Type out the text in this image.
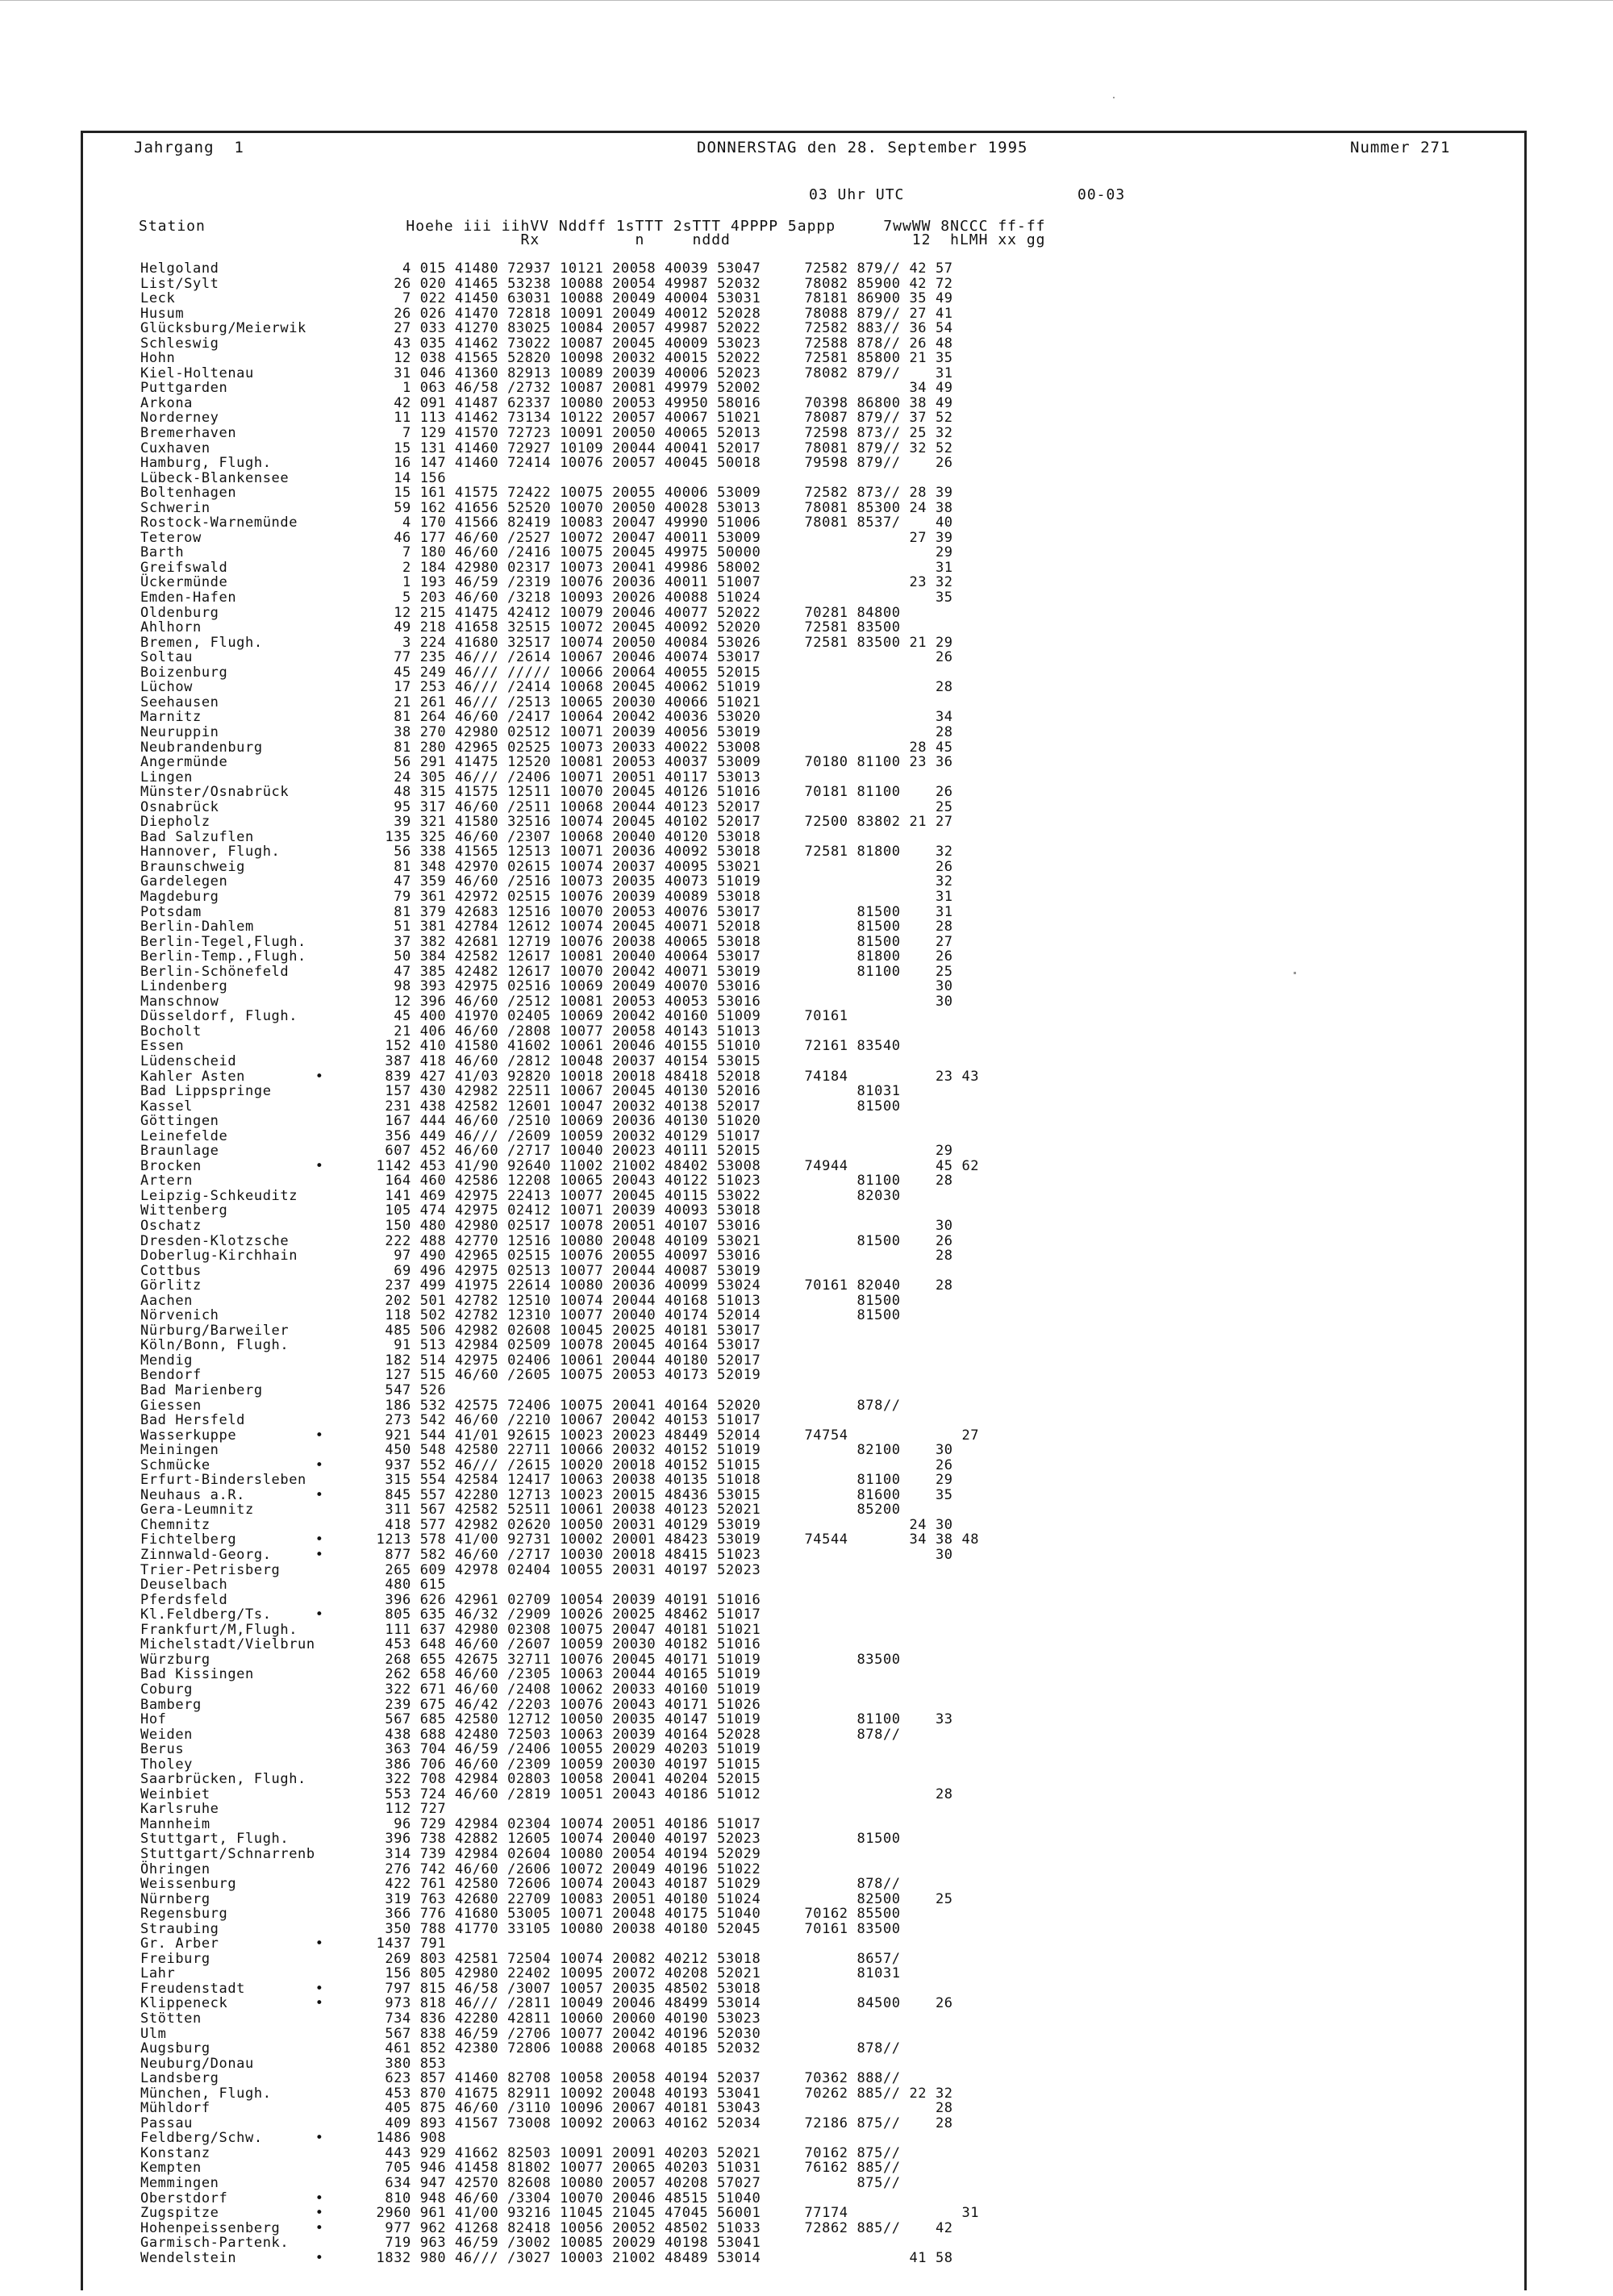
Jahrgang  1	DONNERSTAG den 28. September 1995	Nummer 271
03 Uhr UTC	00-03
Station                     Hoehe iii iihVV Nddff 1sTTT 2sTTT 4PPPP 5appp     7wwWW 8NCCC ff-ff
Rx          n     nddd                   12  hLMH xx gg
Helgoland                     4 015 41480 72937 10121 20058 40039 53047     72582 879// 42 57
List/Sylt                    26 020 41465 53238 10088 20054 49987 52032     78082 85900 42 72
Leck                          7 022 41450 63031 10088 20049 40004 53031     78181 86900 35 49
Husum                        26 026 41470 72818 10091 20049 40012 52028     78088 879// 27 41
Glücksburg/Meierwik          27 033 41270 83025 10084 20057 49987 52022     72582 883// 36 54
Schleswig                    43 035 41462 73022 10087 20045 40009 53023     72588 878// 26 48
Hohn                         12 038 41565 52820 10098 20032 40015 52022     72581 85800 21 35
Kiel-Holtenau                31 046 41360 82913 10089 20039 40006 52023     78082 879//    31
Puttgarden                    1 063 46/58 /2732 10087 20081 49979 52002                 34 49
Arkona                       42 091 41487 62337 10080 20053 49950 58016     70398 86800 38 49
Norderney                    11 113 41462 73134 10122 20057 40067 51021     78087 879// 37 52
Bremerhaven                   7 129 41570 72723 10091 20050 40065 52013     72598 873// 25 32
Cuxhaven                     15 131 41460 72927 10109 20044 40041 52017     78081 879// 32 52
Hamburg, Flugh.              16 147 41460 72414 10076 20057 40045 50018     79598 879//    26
Lübeck-Blankensee            14 156
Boltenhagen                  15 161 41575 72422 10075 20055 40006 53009     72582 873// 28 39
Schwerin                     59 162 41656 52520 10070 20050 40028 53013     78081 85300 24 38
Rostock-Warnemünde            4 170 41566 82419 10083 20047 49990 51006     78081 8537/    40
Teterow                      46 177 46/60 /2527 10072 20047 40011 53009                 27 39
Barth                         7 180 46/60 /2416 10075 20045 49975 50000                    29
Greifswald                    2 184 42980 02317 10073 20041 49986 58002                    31
Ückermünde                    1 193 46/59 /2319 10076 20036 40011 51007                 23 32
Emden-Hafen                   5 203 46/60 /3218 10093 20026 40088 51024                    35
Oldenburg                    12 215 41475 42412 10079 20046 40077 52022     70281 84800
Ahlhorn                      49 218 41658 32515 10072 20045 40092 52020     72581 83500
Bremen, Flugh.                3 224 41680 32517 10074 20050 40084 53026     72581 83500 21 29
Soltau                       77 235 46/// /2614 10067 20046 40074 53017                    26
Boizenburg                   45 249 46/// ///// 10066 20064 40055 52015
Lüchow                       17 253 46/// /2414 10068 20045 40062 51019                    28
Seehausen                    21 261 46/// /2513 10065 20030 40066 51021
Marnitz                      81 264 46/60 /2417 10064 20042 40036 53020                    34
Neuruppin                    38 270 42980 02512 10071 20039 40056 53019                    28
Neubrandenburg               81 280 42965 02525 10073 20033 40022 53008                 28 45
Angermünde                   56 291 41475 12520 10081 20053 40037 53009     70180 81100 23 36
Lingen                       24 305 46/// /2406 10071 20051 40117 53013
Münster/Osnabrück            48 315 41575 12511 10070 20045 40126 51016     70181 81100    26
Osnabrück                    95 317 46/60 /2511 10068 20044 40123 52017                    25
Diepholz                     39 321 41580 32516 10074 20045 40102 52017     72500 83802 21 27
Bad Salzuflen               135 325 46/60 /2307 10068 20040 40120 53018
Hannover, Flugh.             56 338 41565 12513 10071 20036 40092 53018     72581 81800    32
Braunschweig                 81 348 42970 02615 10074 20037 40095 53021                    26
Gardelegen                   47 359 46/60 /2516 10073 20035 40073 51019                    32
Magdeburg                    79 361 42972 02515 10076 20039 40089 53018                    31
Potsdam                      81 379 42683 12516 10070 20053 40076 53017           81500    31
Berlin-Dahlem                51 381 42784 12612 10074 20045 40071 52018           81500    28
Berlin-Tegel,Flugh.          37 382 42681 12719 10076 20038 40065 53018           81500    27
Berlin-Temp.,Flugh.          50 384 42582 12617 10081 20040 40064 53017           81800    26
Berlin-Schönefeld            47 385 42482 12617 10070 20042 40071 53019           81100    25
Lindenberg                   98 393 42975 02516 10069 20049 40070 53016                    30
Manschnow                    12 396 46/60 /2512 10081 20053 40053 53016                    30
Düsseldorf, Flugh.           45 400 41970 02405 10069 20042 40160 51009     70161
Bocholt                      21 406 46/60 /2808 10077 20058 40143 51013
Essen                       152 410 41580 41602 10061 20046 40155 51010     72161 83540
Lüdenscheid                 387 418 46/60 /2812 10048 20037 40154 53015
Kahler Asten        •       839 427 41/03 92820 10018 20018 48418 52018     74184          23 43
Bad Lippspringe             157 430 42982 22511 10067 20045 40130 52016           81031
Kassel                      231 438 42582 12601 10047 20032 40138 52017           81500
Göttingen                   167 444 46/60 /2510 10069 20036 40130 51020
Leinefelde                  356 449 46/// /2609 10059 20032 40129 51017
Braunlage                   607 452 46/60 /2717 10040 20023 40111 52015                    29
Brocken             •      1142 453 41/90 92640 11002 21002 48402 53008     74944          45 62
Artern                      164 460 42586 12208 10065 20043 40122 51023           81100    28
Leipzig-Schkeuditz          141 469 42975 22413 10077 20045 40115 53022           82030
Wittenberg                  105 474 42975 02412 10071 20039 40093 53018
Oschatz                     150 480 42980 02517 10078 20051 40107 53016                    30
Dresden-Klotzsche           222 488 42770 12516 10080 20048 40109 53021           81500    26
Doberlug-Kirchhain           97 490 42965 02515 10076 20055 40097 53016                    28
Cottbus                      69 496 42975 02513 10077 20044 40087 53019
Görlitz                     237 499 41975 22614 10080 20036 40099 53024     70161 82040    28
Aachen                      202 501 42782 12510 10074 20044 40168 51013           81500
Nörvenich                   118 502 42782 12310 10077 20040 40174 52014           81500
Nürburg/Barweiler           485 506 42982 02608 10045 20025 40181 53017
Köln/Bonn, Flugh.            91 513 42984 02509 10078 20045 40164 53017
Mendig                      182 514 42975 02406 10061 20044 40180 52017
Bendorf                     127 515 46/60 /2605 10075 20053 40173 52019
Bad Marienberg              547 526
Giessen                     186 532 42575 72406 10075 20041 40164 52020           878//
Bad Hersfeld                273 542 46/60 /2210 10067 20042 40153 51017
Wasserkuppe         •       921 544 41/01 92615 10023 20023 48449 52014     74754             27
Meiningen                   450 548 42580 22711 10066 20032 40152 51019           82100    30
Schmücke            •       937 552 46/// /2615 10020 20018 40152 51015                    26
Erfurt-Bindersleben         315 554 42584 12417 10063 20038 40135 51018           81100    29
Neuhaus a.R.        •       845 557 42280 12713 10023 20015 48436 53015           81600    35
Gera-Leumnitz               311 567 42582 52511 10061 20038 40123 52021           85200
Chemnitz                    418 577 42982 02620 10050 20031 40129 53019                 24 30
Fichtelberg         •      1213 578 41/00 92731 10002 20001 48423 53019     74544       34 38 48
Zinnwald-Georg.     •       877 582 46/60 /2717 10030 20018 48415 51023                    30
Trier-Petrisberg            265 609 42978 02404 10055 20031 40197 52023
Deuselbach                  480 615
Pferdsfeld                  396 626 42961 02709 10054 20039 40191 51016
Kl.Feldberg/Ts.     •       805 635 46/32 /2909 10026 20025 48462 51017
Frankfurt/M,Flugh.          111 637 42980 02308 10075 20047 40181 51021
Michelstadt/Vielbrun        453 648 46/60 /2607 10059 20030 40182 51016
Würzburg                    268 655 42675 32711 10076 20045 40171 51019           83500
Bad Kissingen               262 658 46/60 /2305 10063 20044 40165 51019
Coburg                      322 671 46/60 /2408 10062 20033 40160 51019
Bamberg                     239 675 46/42 /2203 10076 20043 40171 51026
Hof                         567 685 42580 12712 10050 20035 40147 51019           81100    33
Weiden                      438 688 42480 72503 10063 20039 40164 52028           878//
Berus                       363 704 46/59 /2406 10055 20029 40203 51019
Tholey                      386 706 46/60 /2309 10059 20030 40197 51015
Saarbrücken, Flugh.         322 708 42984 02803 10058 20041 40204 52015
Weinbiet                    553 724 46/60 /2819 10051 20043 40186 51012                    28
Karlsruhe                   112 727
Mannheim                     96 729 42984 02304 10074 20051 40186 51017
Stuttgart, Flugh.           396 738 42882 12605 10074 20040 40197 52023           81500
Stuttgart/Schnarrenb        314 739 42984 02604 10080 20054 40194 52029
Öhringen                    276 742 46/60 /2606 10072 20049 40196 51022
Weissenburg                 422 761 42580 72606 10074 20043 40187 51029           878//
Nürnberg                    319 763 42680 22709 10083 20051 40180 51024           82500    25
Regensburg                  366 776 41680 53005 10071 20048 40175 51040     70162 85500
Straubing                   350 788 41770 33105 10080 20038 40180 52045     70161 83500
Gr. Arber           •      1437 791
Freiburg                    269 803 42581 72504 10074 20082 40212 53018           8657/
Lahr                        156 805 42980 22402 10095 20072 40208 52021           81031
Freudenstadt        •       797 815 46/58 /3007 10057 20035 48502 53018
Klippeneck          •       973 818 46/// /2811 10049 20046 48499 53014           84500    26
Stötten                     734 836 42280 42811 10060 20060 40190 53023
Ulm                         567 838 46/59 /2706 10077 20042 40196 52030
Augsburg                    461 852 42380 72806 10088 20068 40185 52032           878//
Neuburg/Donau               380 853
Landsberg                   623 857 41460 82708 10058 20058 40194 52037     70362 888//
München, Flugh.             453 870 41675 82911 10092 20048 40193 53041     70262 885// 22 32
Mühldorf                    405 875 46/60 /3110 10096 20067 40181 53043                    28
Passau                      409 893 41567 73008 10092 20063 40162 52034     72186 875//    28
Feldberg/Schw.      •      1486 908
Konstanz                    443 929 41662 82503 10091 20091 40203 52021     70162 875//
Kempten                     705 946 41458 81802 10077 20065 40203 51031     76162 885//
Memmingen                   634 947 42570 82608 10080 20057 40208 57027           875//
Oberstdorf          •       810 948 46/60 /3304 10070 20046 48515 51040
Zugspitze           •      2960 961 41/00 93216 11045 21045 47045 56001     77174             31
Hohenpeissenberg    •       977 962 41268 82418 10056 20052 48502 51033     72862 885//    42
Garmisch-Partenk.           719 963 46/59 /3002 10085 20029 40198 53041
Wendelstein         •      1832 980 46/// /3027 10003 21002 48489 53014                 41 58
